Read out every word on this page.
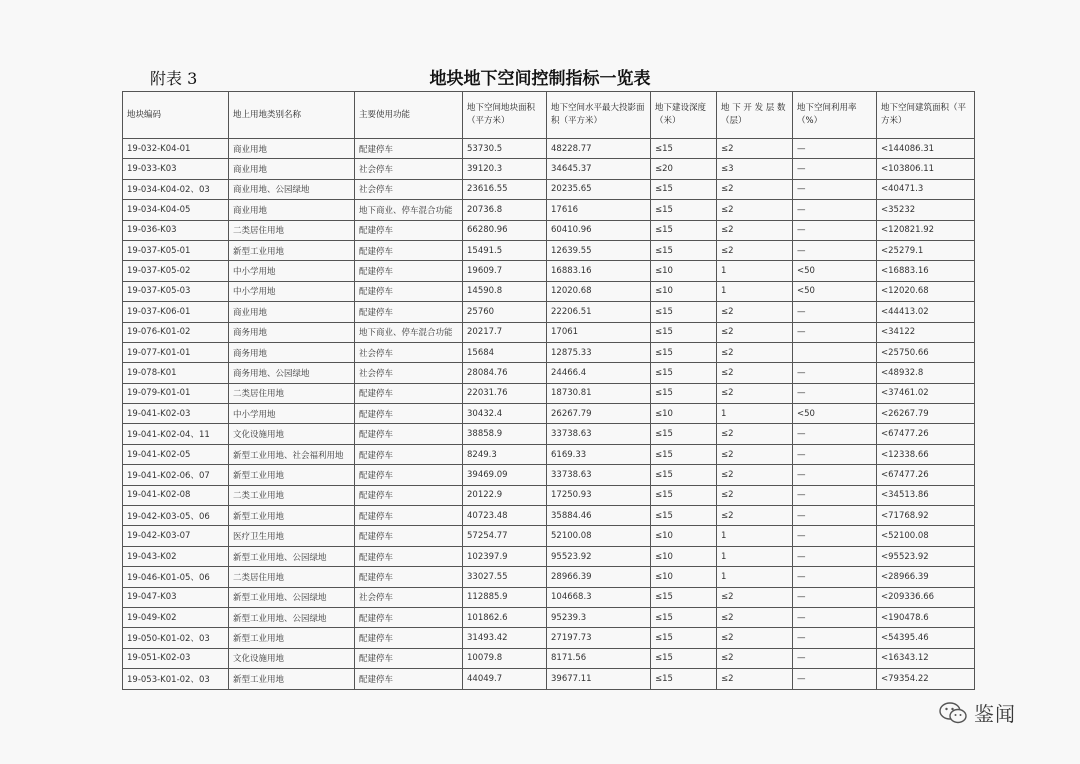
附表 3	地块地下空间控制指标一览表
地块编码	地上用地类别名称	主要使用功能	地下空间地块面积（平方米）	地下空间水平最大投影面积（平方米）	地下建设深度（米）	地 下 开 发 层 数（层）	地下空间利用率（%）	地下空间建筑面积（平方米）
19-032-K04-01	商业用地	配建停车	53730.5	48228.77	≤15	≤2	—	<144086.31
19-033-K03	商业用地	社会停车	39120.3	34645.37	≤20	≤3	—	<103806.11
19-034-K04-02、03	商业用地、公园绿地	社会停车	23616.55	20235.65	≤15	≤2	—	<40471.3
19-034-K04-05	商业用地	地下商业、停车混合功能	20736.8	17616	≤15	≤2	—	<35232
19-036-K03	二类居住用地	配建停车	66280.96	60410.96	≤15	≤2	—	<120821.92
19-037-K05-01	新型工业用地	配建停车	15491.5	12639.55	≤15	≤2	—	<25279.1
19-037-K05-02	中小学用地	配建停车	19609.7	16883.16	≤10	1	<50	<16883.16
19-037-K05-03	中小学用地	配建停车	14590.8	12020.68	≤10	1	<50	<12020.68
19-037-K06-01	商业用地	配建停车	25760	22206.51	≤15	≤2	—	<44413.02
19-076-K01-02	商务用地	地下商业、停车混合功能	20217.7	17061	≤15	≤2	—	<34122
19-077-K01-01	商务用地	社会停车	15684	12875.33	≤15	≤2		<25750.66
19-078-K01	商务用地、公园绿地	社会停车	28084.76	24466.4	≤15	≤2	—	<48932.8
19-079-K01-01	二类居住用地	配建停车	22031.76	18730.81	≤15	≤2	—	<37461.02
19-041-K02-03	中小学用地	配建停车	30432.4	26267.79	≤10	1	<50	<26267.79
19-041-K02-04、11	文化设施用地	配建停车	38858.9	33738.63	≤15	≤2	—	<67477.26
19-041-K02-05	新型工业用地、社会福利用地	配建停车	8249.3	6169.33	≤15	≤2	—	<12338.66
19-041-K02-06、07	新型工业用地	配建停车	39469.09	33738.63	≤15	≤2	—	<67477.26
19-041-K02-08	二类工业用地	配建停车	20122.9	17250.93	≤15	≤2	—	<34513.86
19-042-K03-05、06	新型工业用地	配建停车	40723.48	35884.46	≤15	≤2	—	<71768.92
19-042-K03-07	医疗卫生用地	配建停车	57254.77	52100.08	≤10	1	—	<52100.08
19-043-K02	新型工业用地、公园绿地	配建停车	102397.9	95523.92	≤10	1	—	<95523.92
19-046-K01-05、06	二类居住用地	配建停车	33027.55	28966.39	≤10	1	—	<28966.39
19-047-K03	新型工业用地、公园绿地	社会停车	112885.9	104668.3	≤15	≤2	—	<209336.66
19-049-K02	新型工业用地、公园绿地	配建停车	101862.6	95239.3	≤15	≤2	—	<190478.6
19-050-K01-02、03	新型工业用地	配建停车	31493.42	27197.73	≤15	≤2	—	<54395.46
19-051-K02-03	文化设施用地	配建停车	10079.8	8171.56	≤15	≤2	—	<16343.12
19-053-K01-02、03	新型工业用地	配建停车	44049.7	39677.11	≤15	≤2	—	<79354.22
鉴闻
